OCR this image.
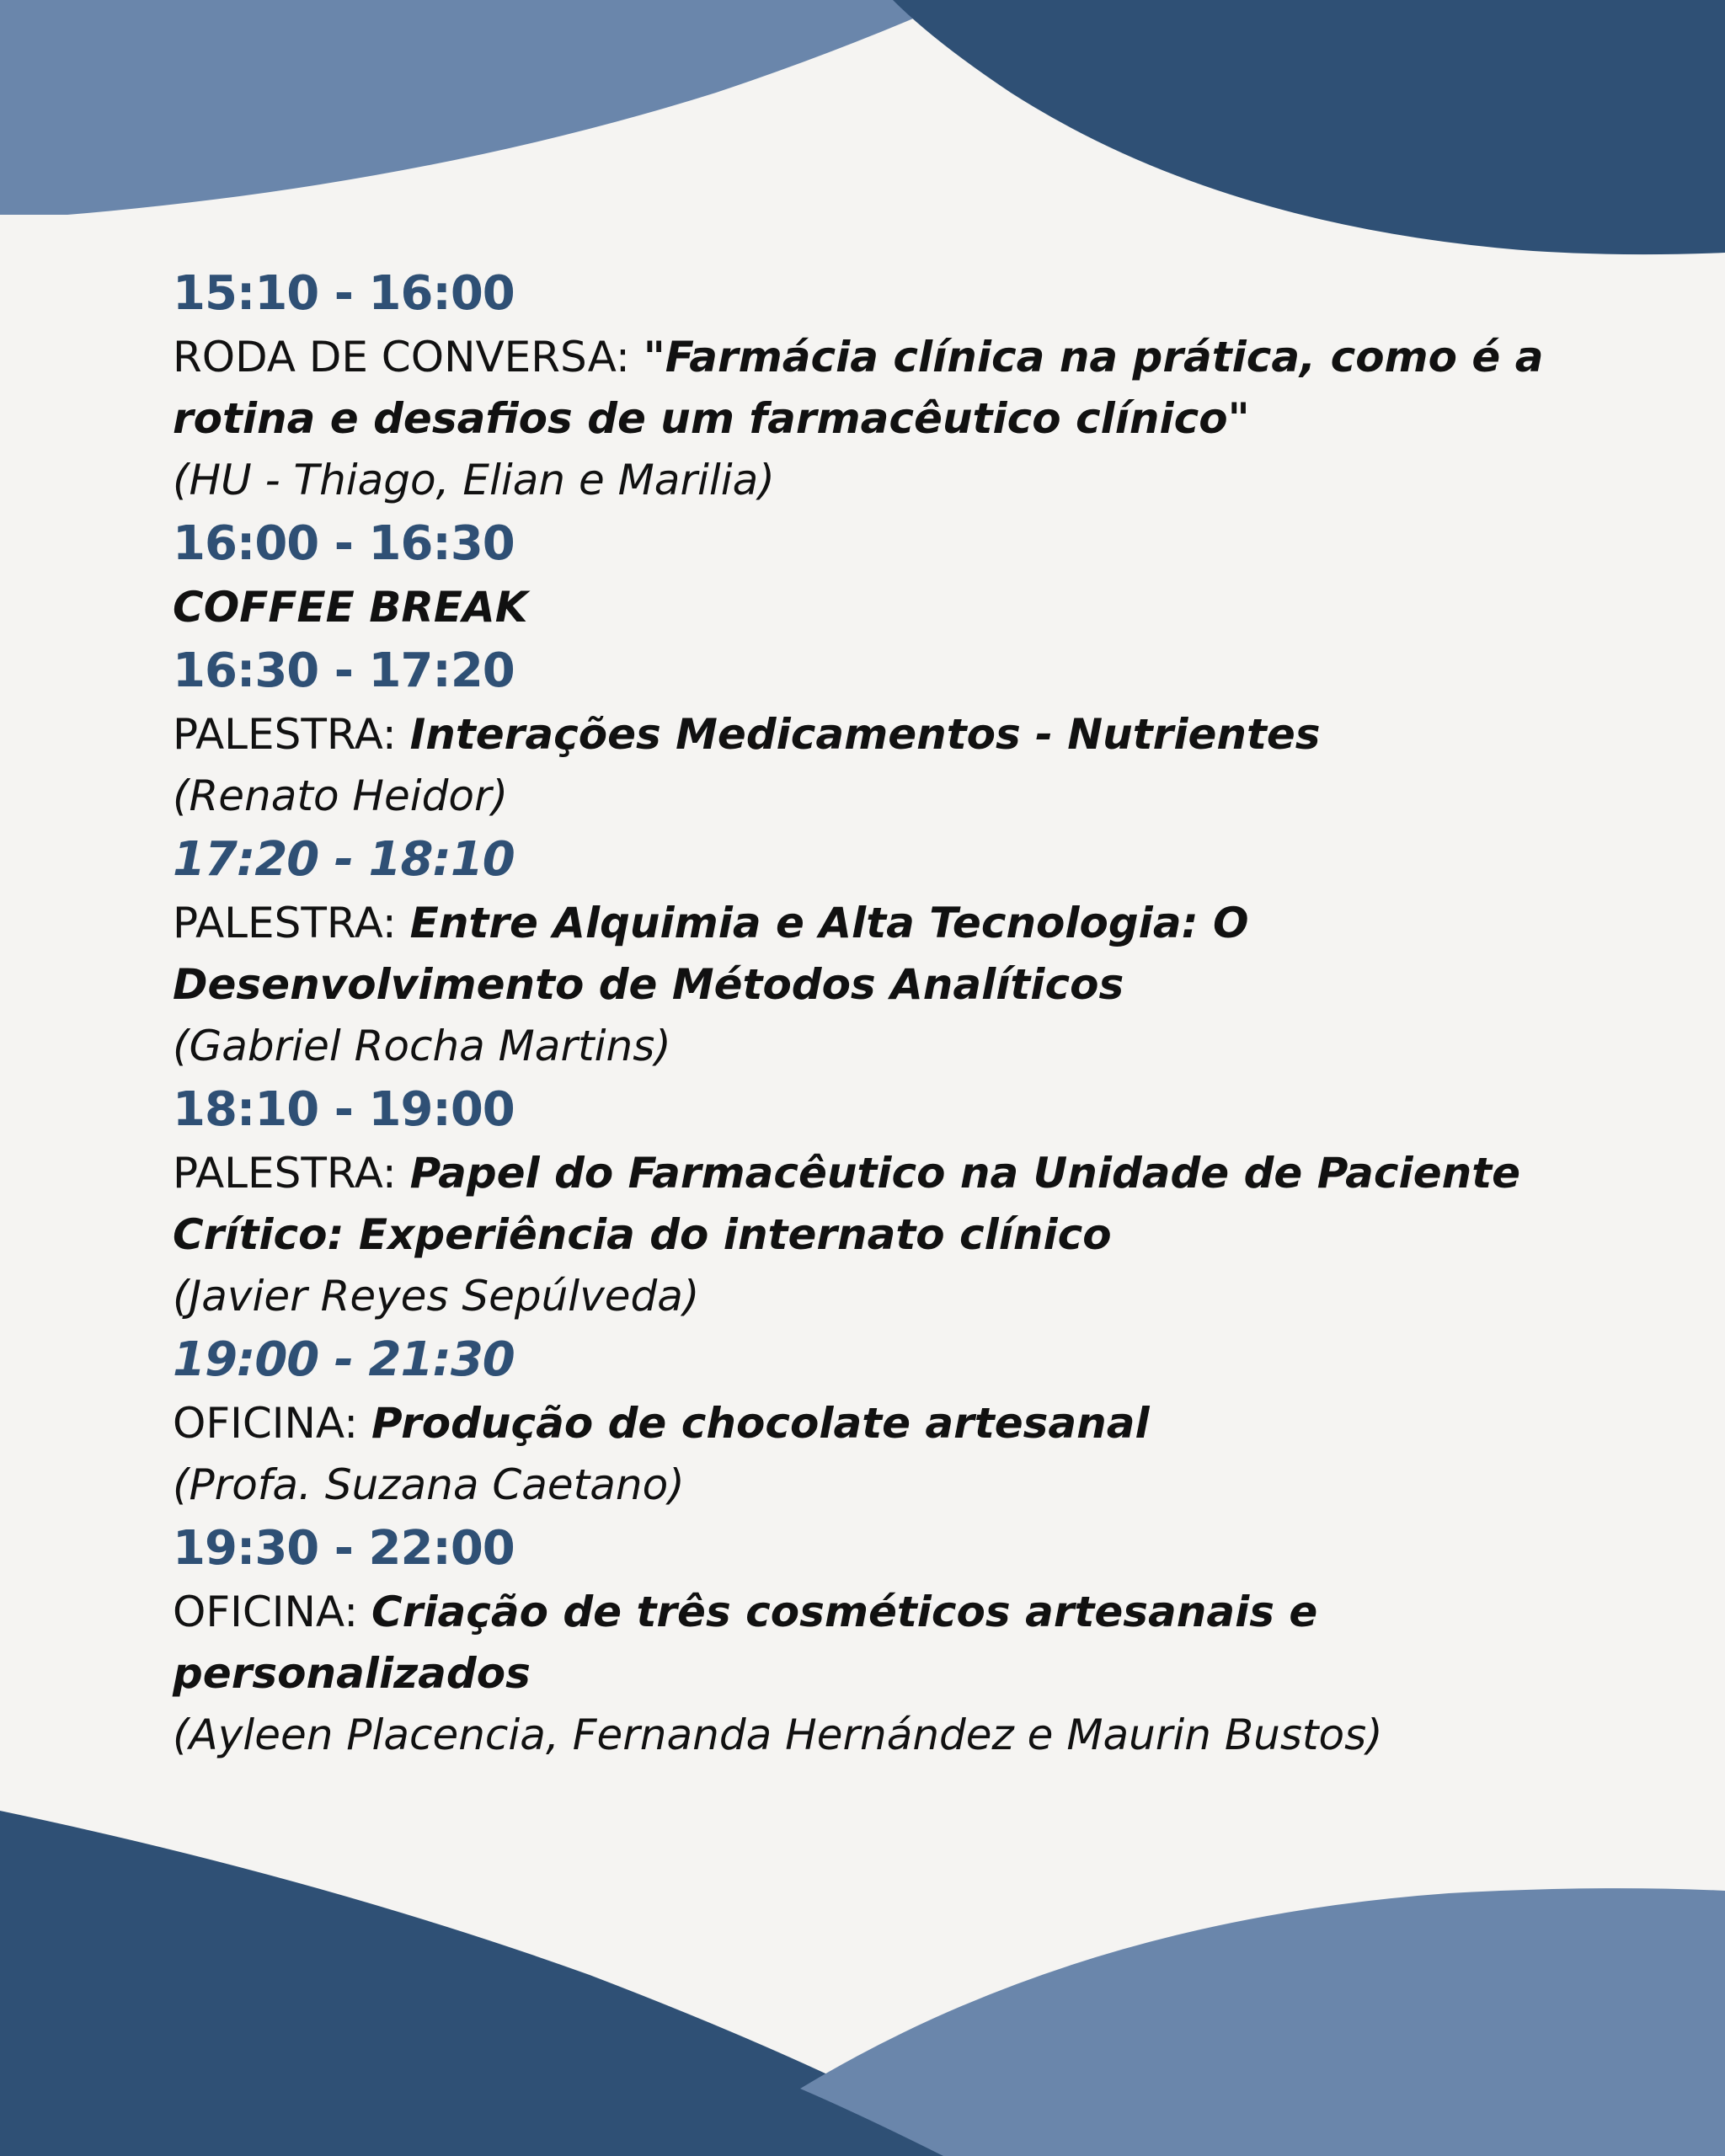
15:10 - 16:00
RODA DE CONVERSA: "Farmácia clínica na prática, como é a rotina e desafios de um farmacêutico clínico"
(HU - Thiago, Elian e Marilia)
16:00 - 16:30
COFFEE BREAK
16:30 - 17:20
PALESTRA: Interações Medicamentos - Nutrientes
(Renato Heidor)
17:20 - 18:10
PALESTRA: Entre Alquimia e Alta Tecnologia: O Desenvolvimento de Métodos Analíticos
(Gabriel Rocha Martins)
18:10 - 19:00
PALESTRA: Papel do Farmacêutico na Unidade de Paciente Crítico: Experiência do internato clínico
(Javier Reyes Sepúlveda)
19:00 - 21:30
OFICINA: Produção de chocolate artesanal
(Profa. Suzana Caetano)
19:30 - 22:00
OFICINA: Criação de três cosméticos artesanais e personalizados
(Ayleen Placencia, Fernanda Hernández e Maurin Bustos)
